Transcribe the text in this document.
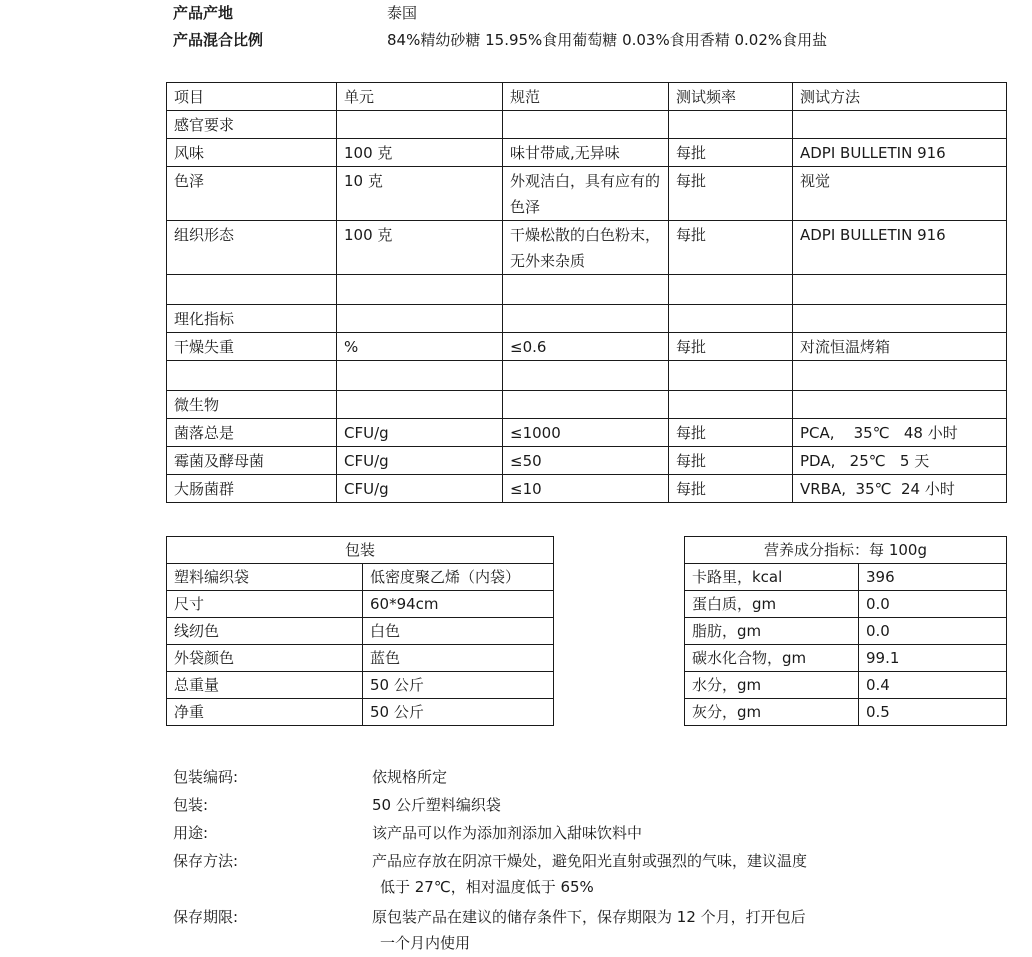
产品产地	泰国
产品混合比例	84%精幼砂糖 15.95%食用葡萄糖 0.03%食用香精 0.02%食用盐
项目	单元	规范	测试频率	测试方法
感官要求				
风味	100 克	味甘带咸,无异味	每批	ADPI BULLETIN 916
色泽	10 克	外观洁白，具有应有的色泽	每批	视觉
组织形态	100 克	干燥松散的白色粉末，无外来杂质	每批	ADPI BULLETIN 916

理化指标				
干燥失重	%	≤0.6	每批	对流恒温烤箱

微生物				
菌落总是	CFU/g	≤1000	每批	PCA,    35℃   48 小时
霉菌及酵母菌	CFU/g	≤50	每批	PDA,   25℃   5 天
大肠菌群	CFU/g	≤10	每批	VRBA,  35℃  24 小时
包装	
塑料编织袋	低密度聚乙烯（内袋）
尺寸	60*94cm
线纫色	白色
外袋颜色	蓝色
总重量	50 公斤
净重	50 公斤
营养成分指标：每 100g	
卡路里，kcal	396
蛋白质，gm	0.0
脂肪，gm	0.0
碳水化合物，gm	99.1
水分，gm	0.4
灰分，gm	0.5
包装编码:	依规格所定
包装:	50 公斤塑料编织袋
用途:	该产品可以作为添加剂添加入甜味饮料中
保存方法:	产品应存放在阴凉干燥处，避免阳光直射或强烈的气味，建议温度
低于 27℃，相对温度低于 65%
保存期限:	原包装产品在建议的储存条件下，保存期限为 12 个月，打开包后
一个月内使用
